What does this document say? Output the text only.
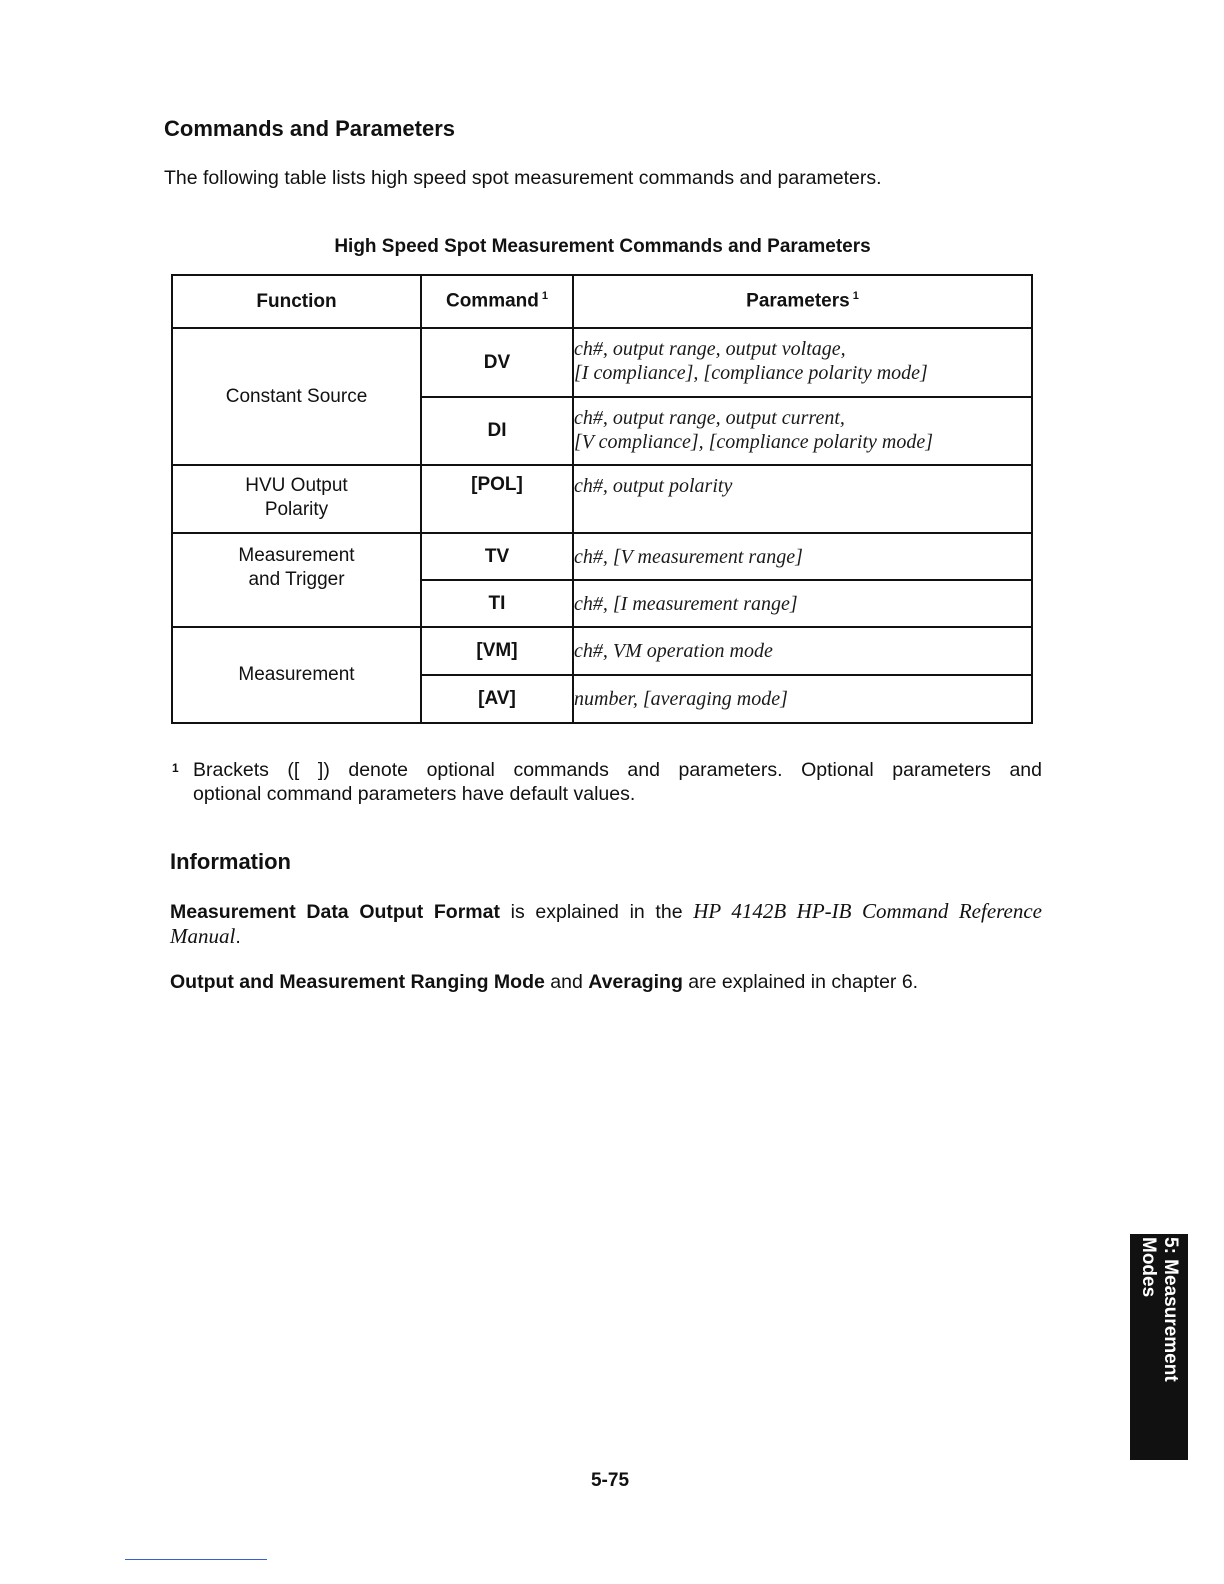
Commands and Parameters

The following table lists high speed spot measurement commands and parameters.

High Speed Spot Measurement Commands and Parameters

Function	Command $^1$	Parameters $^1$
Constant Source	DV	ch#, output range, output voltage,
[I compliance], [compliance polarity mode]

	DI	ch#, output range, output current,
[V compliance], [compliance polarity mode]

HVU Output
Polarity	[POL]	ch#, output polarity

Measurement
and Trigger	TV	ch#, [V measurement range]
	TI	ch#, [I measurement range]
Measurement	[VM]	ch#, VM operation mode
	[AV]	number, [averaging mode]
1 Brackets ([ ]) denote optional commands and parameters. Optional parameters and
optional command parameters have default values.
Information

Measurement Data Output Format is explained in the HP 4142B HP-IB Command Reference Manual.

Output and Measurement Ranging Mode and Averaging are explained in chapter 6.

5-75

5: Measurement
Modes
